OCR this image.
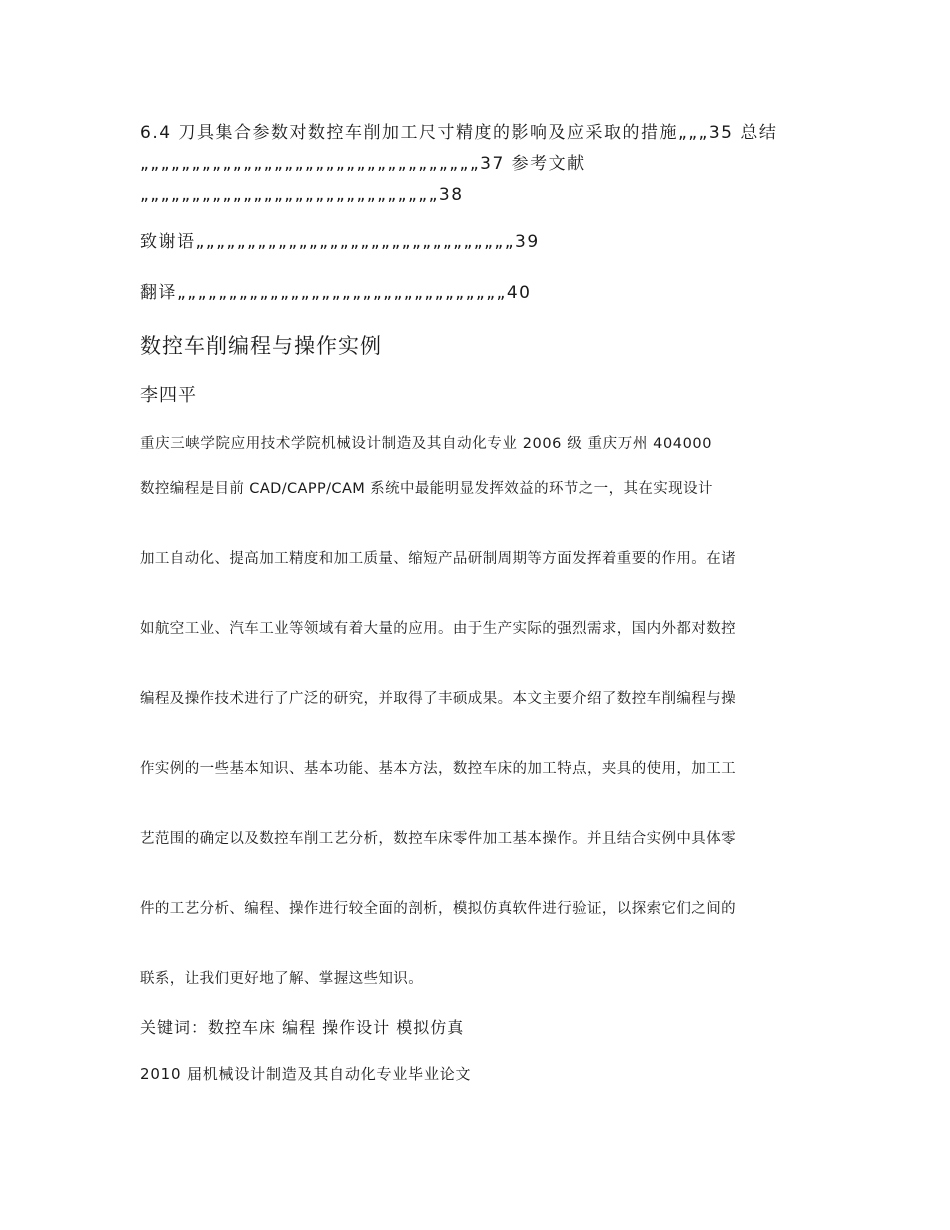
6.4 刀具集合参数对数控车削加工尺寸精度的影响及应采取的措施„„„35 总结„„„„„„„„„„„„„„„„„„„„„„„„„„„„„„„„„37 参考文献„„„„„„„„„„„„„„„„„„„„„„„„„„„„„38

致谢语„„„„„„„„„„„„„„„„„„„„„„„„„„„„„„„39

翻译„„„„„„„„„„„„„„„„„„„„„„„„„„„„„„„„40

数控车削编程与操作实例

李四平

重庆三峡学院应用技术学院机械设计制造及其自动化专业 2006 级 重庆万州 404000

数控编程是目前 CAD/CAPP/CAM 系统中最能明显发挥效益的环节之一，其在实现设计

加工自动化、提高加工精度和加工质量、缩短产品研制周期等方面发挥着重要的作用。在诸

如航空工业、汽车工业等领域有着大量的应用。由于生产实际的强烈需求，国内外都对数控

编程及操作技术进行了广泛的研究，并取得了丰硕成果。本文主要介绍了数控车削编程与操

作实例的一些基本知识、基本功能、基本方法，数控车床的加工特点，夹具的使用，加工工

艺范围的确定以及数控车削工艺分析，数控车床零件加工基本操作。并且结合实例中具体零

件的工艺分析、编程、操作进行较全面的剖析，模拟仿真软件进行验证，以探索它们之间的

联系，让我们更好地了解、掌握这些知识。

关键词：数控车床 编程 操作设计 模拟仿真

2010 届机械设计制造及其自动化专业毕业论文
